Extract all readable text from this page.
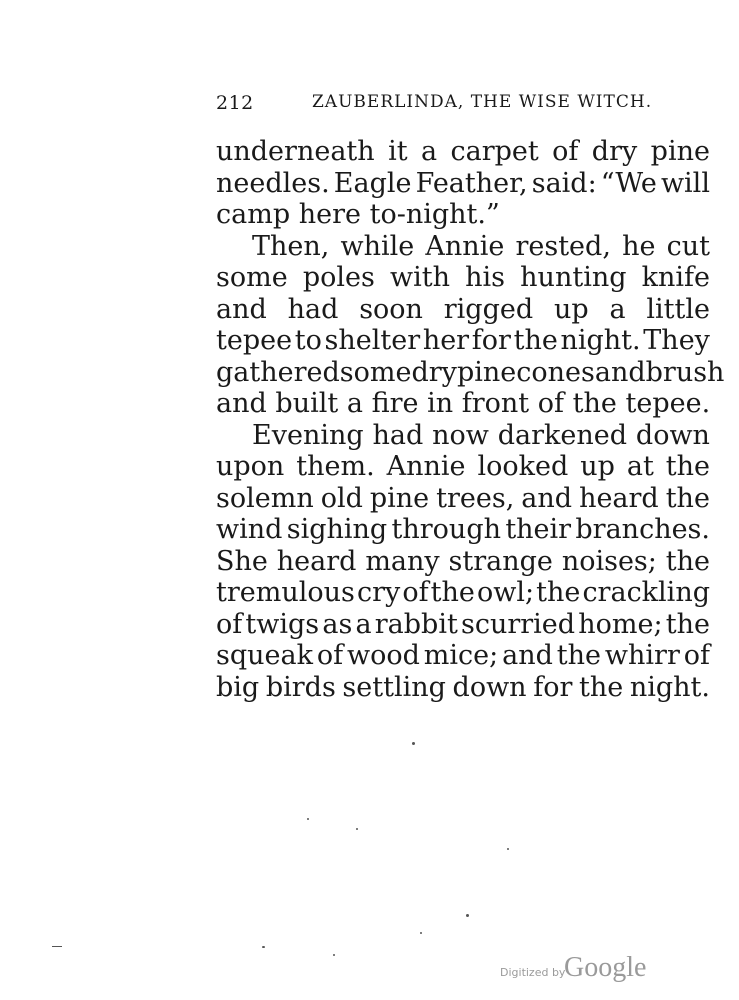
212	ZAUBERLINDA, THE WISE WITCH.
underneath it a carpet of dry pine
needles. Eagle Feather, said: “We will
camp here to-night.”
Then, while Annie rested, he cut
some poles with his hunting knife
and had soon rigged up a little
tepee to shelter her for the night. They
gathered some dry pine cones and brush
and built a fire in front of the tepee.
Evening had now darkened down
upon them. Annie looked up at the
solemn old pine trees, and heard the
wind sighing through their branches.
She heard many strange noises; the
tremulous cry of the owl; the crackling
of twigs as a rabbit scurried home; the
squeak of wood mice; and the whirr of
big birds settling down for the night.
Digitized by
Google
